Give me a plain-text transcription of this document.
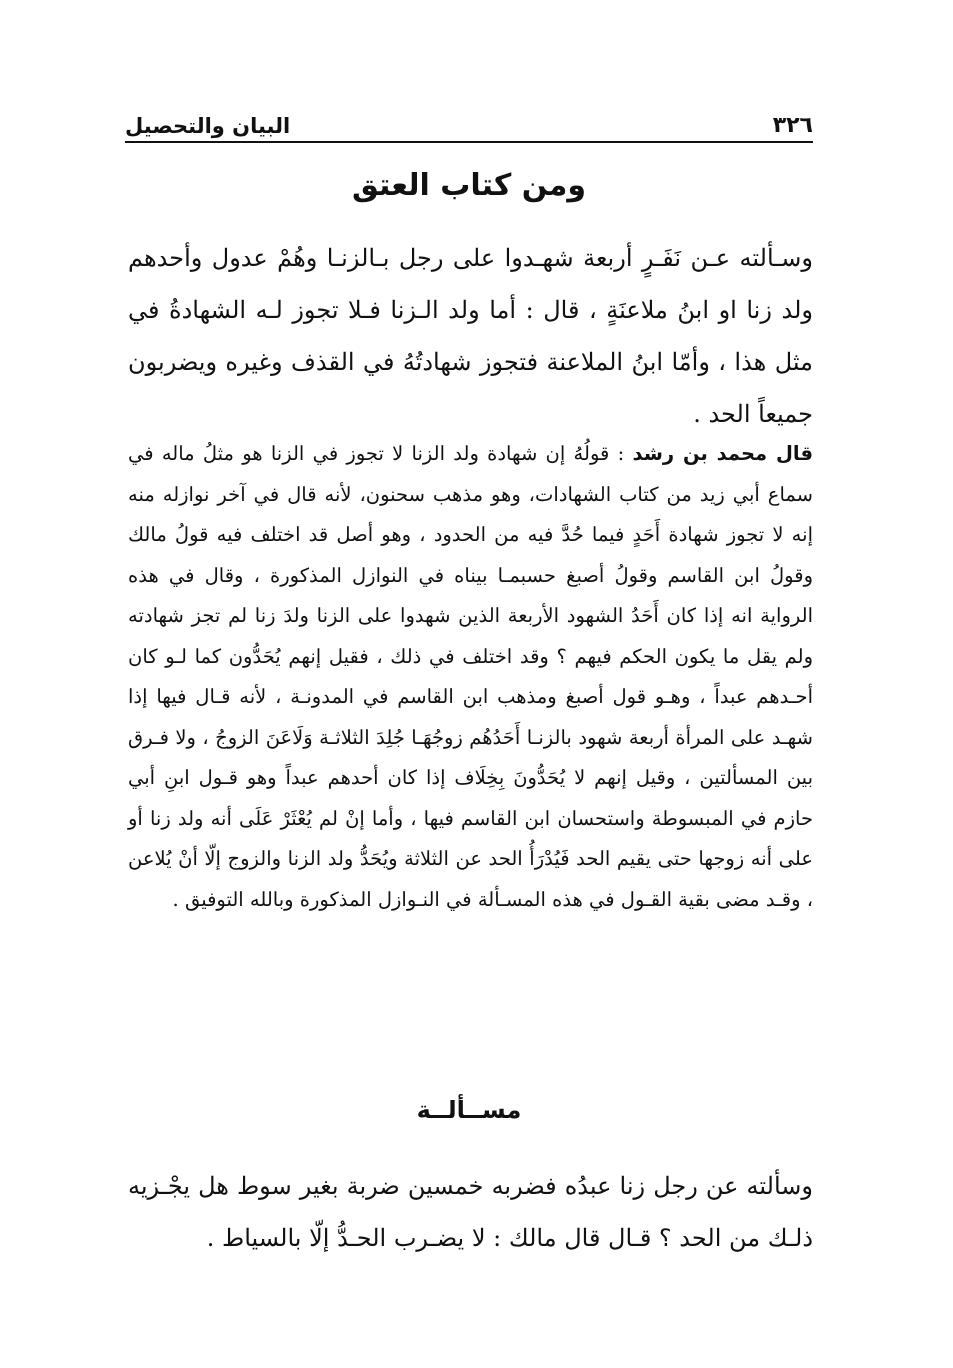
البيان والتحصيل	٣٢٦
ومن كتاب العتق

وسـألته عـن نَفَـرٍ أربعة شهـدوا على رجل بـالزنـا وهُمْ عدول وأحدهم ولد زنا او ابنُ ملاعنَةٍ ، قال : أما ولد الـزنا فـلا تجوز لـه الشهادةُ في مثل هذا ، وأمّا ابنُ الملاعنة فتجوز شهادتُهُ في القذف وغيره ويضربون جميعاً الحد .

قال محمد بن رشد : قولُهُ إن شهادة ولد الزنا لا تجوز في الزنا هو مثلُ ماله في سماع أبي زيد من كتاب الشهادات، وهو مذهب سحنون، لأنه قال في آخر نوازله منه إنه لا تجوز شهادة أَحَدٍ فيما حُدَّ فيه من الحدود ، وهو أصل قد اختلف فيه قولُ مالك وقولُ ابن القاسم وقولُ أصبغ حسبمـا بيناه في النوازل المذكورة ، وقال في هذه الرواية انه إذا كان أَحَدُ الشهود الأربعة الذين شهدوا على الزنا ولدَ زنا لم تجز شهادته ولم يقل ما يكون الحكم فيهم ؟ وقد اختلف في ذلك ، فقيل إنهم يُحَدُّون كما لـو كان أحـدهم عبداً ، وهـو قول أصبغ ومذهب ابن القاسم في المدونـة ، لأنه قـال فيها إذا شهـد على المرأة أربعة شهود بالزنـا أَحَدُهُم زوجُهَـا جُلِدَ الثلاثـة وَلَاعَنَ الزوجُ ، ولا فـرق بين المسألتين ، وقيل إنهم لا يُحَدُّونَ بِخِلَاف إذا كان أحدهم عبداً وهو قـول ابنِ أبي حازم في المبسوطة واستحسان ابن القاسم فيها ، وأما إنْ لم يُعْثَرْ عَلَى أنه ولد زنا أو على أنه زوجها حتى يقيم الحد فَيُدْرَأُ الحد عن الثلاثة ويُحَدُّ ولد الزنا والزوج إلّا أنْ يُلاعن ، وقـد مضى بقية القـول في هذه المسـألة في النـوازل المذكورة وبالله التوفيق .

مســألــة

وسألته عن رجل زنا عبدُه فضربه خمسين ضربة بغير سوط هل يجْـزيه ذلـك من الحد ؟ قـال قال مالك : لا يضـرب الحـدُّ إلّا بالسياط .
